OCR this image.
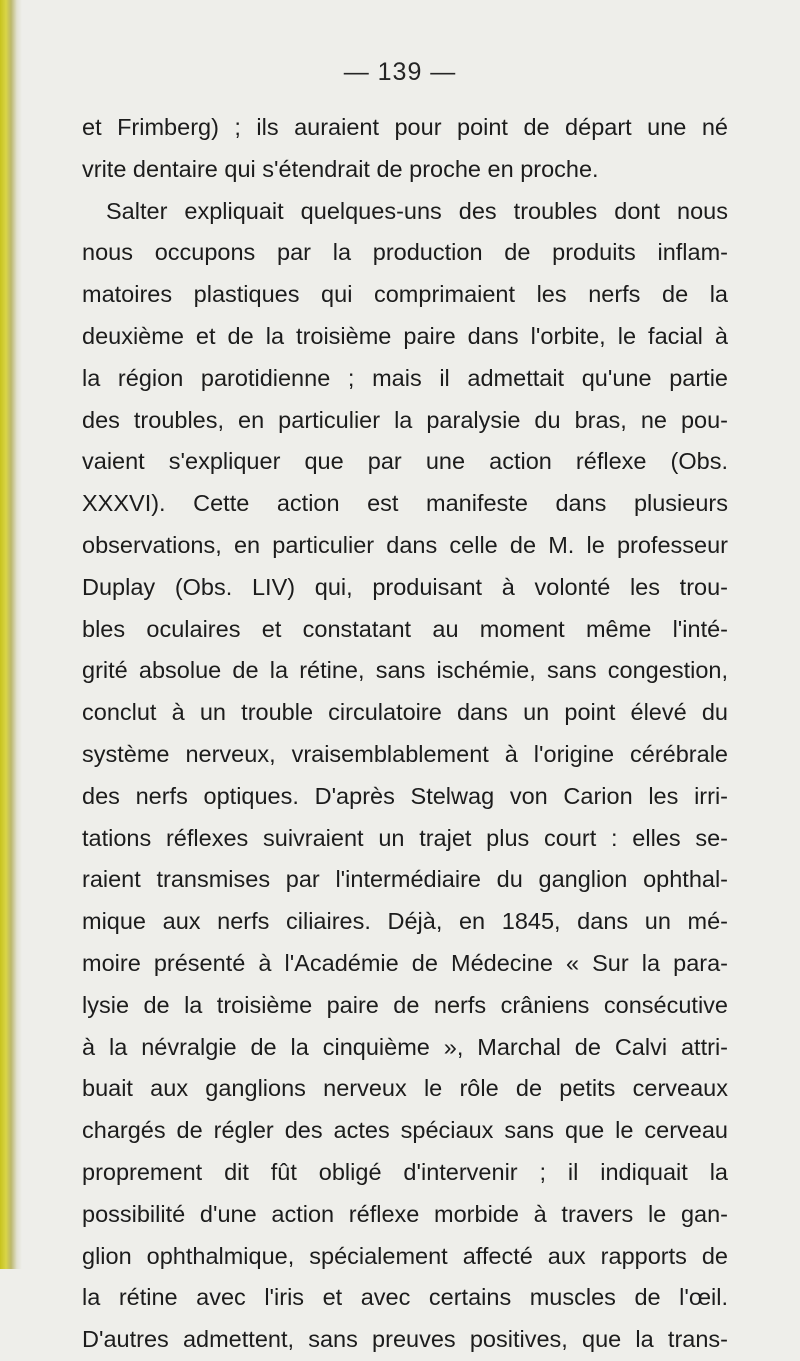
— 139 —
et Frimberg) ; ils auraient pour point de départ une né
vrite dentaire qui s'étendrait de proche en proche.
Salter expliquait quelques-uns des troubles dont nous
nous occupons par la production de produits inflam-
matoires plastiques qui comprimaient les nerfs de la
deuxième et de la troisième paire dans l'orbite, le facial à
la région parotidienne ; mais il admettait qu'une partie
des troubles, en particulier la paralysie du bras, ne pou-
vaient s'expliquer que par une action réflexe (Obs.
XXXVI). Cette action est manifeste dans plusieurs
observations, en particulier dans celle de M. le professeur
Duplay (Obs. LIV) qui, produisant à volonté les trou-
bles oculaires et constatant au moment même l'inté-
grité absolue de la rétine, sans ischémie, sans congestion,
conclut à un trouble circulatoire dans un point élevé du
système nerveux, vraisemblablement à l'origine cérébrale
des nerfs optiques. D'après Stelwag von Carion les irri-
tations réflexes suivraient un trajet plus court : elles se-
raient transmises par l'intermédiaire du ganglion ophthal-
mique aux nerfs ciliaires. Déjà, en 1845, dans un mé-
moire présenté à l'Académie de Médecine « Sur la para-
lysie de la troisième paire de nerfs crâniens consécutive
à la névralgie de la cinquième », Marchal de Calvi attri-
buait aux ganglions nerveux le rôle de petits cerveaux
chargés de régler des actes spéciaux sans que le cerveau
proprement dit fût obligé d'intervenir ; il indiquait la
possibilité d'une action réflexe morbide à travers le gan-
glion ophthalmique, spécialement affecté aux rapports de
la rétine avec l'iris et avec certains muscles de l'œil.
D'autres admettent, sans preuves positives, que la trans-
